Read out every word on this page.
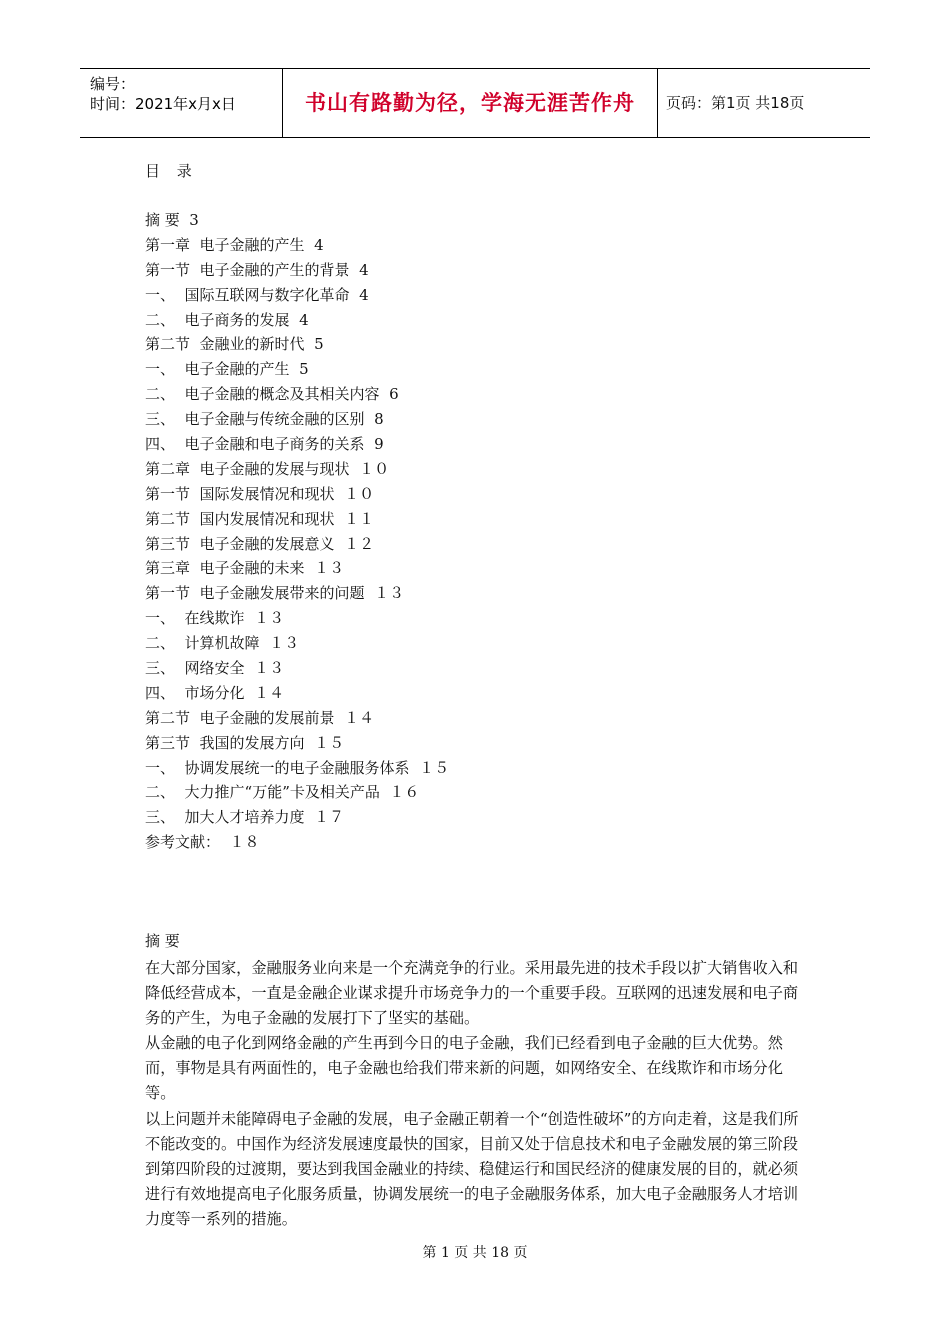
编号：
时间：2021年x月x日	书山有路勤为径，学海无涯苦作舟	页码：第1页 共18页
目 录
摘 要  3
第一章  电子金融的产生  4
第一节  电子金融的产生的背景  4
一、  国际互联网与数字化革命  4
二、  电子商务的发展  4
第二节  金融业的新时代  5
一、  电子金融的产生  5
二、  电子金融的概念及其相关内容  6
三、  电子金融与传统金融的区别  8
四、  电子金融和电子商务的关系  9
第二章  电子金融的发展与现状  １０
第一节  国际发展情况和现状  １０
第二节  国内发展情况和现状  １１
第三节  电子金融的发展意义  １２
第三章  电子金融的未来  １３
第一节  电子金融发展带来的问题  １３
一、  在线欺诈  １３
二、  计算机故障  １３
三、  网络安全  １３
四、  市场分化  １４
第二节  电子金融的发展前景  １４
第三节  我国的发展方向  １５
一、  协调发展统一的电子金融服务体系  １５
二、  大力推广“万能”卡及相关产品  １６
三、  加大人才培养力度  １７
参考文献：  １８
摘 要

在大部分国家，金融服务业向来是一个充满竞争的行业。采用最先进的技术手段以扩大销售收入和降低经营成本，一直是金融企业谋求提升市场竞争力的一个重要手段。互联网的迅速发展和电子商务的产生，为电子金融的发展打下了坚实的基础。

从金融的电子化到网络金融的产生再到今日的电子金融，我们已经看到电子金融的巨大优势。然而，事物是具有两面性的，电子金融也给我们带来新的问题，如网络安全、在线欺诈和市场分化等。

以上问题并未能障碍电子金融的发展，电子金融正朝着一个“创造性破坏”的方向走着，这是我们所不能改变的。中国作为经济发展速度最快的国家，目前又处于信息技术和电子金融发展的第三阶段到第四阶段的过渡期，要达到我国金融业的持续、稳健运行和国民经济的健康发展的目的，就必须进行有效地提高电子化服务质量，协调发展统一的电子金融服务体系，加大电子金融服务人才培训力度等一系列的措施。

第 1 页 共 18 页
